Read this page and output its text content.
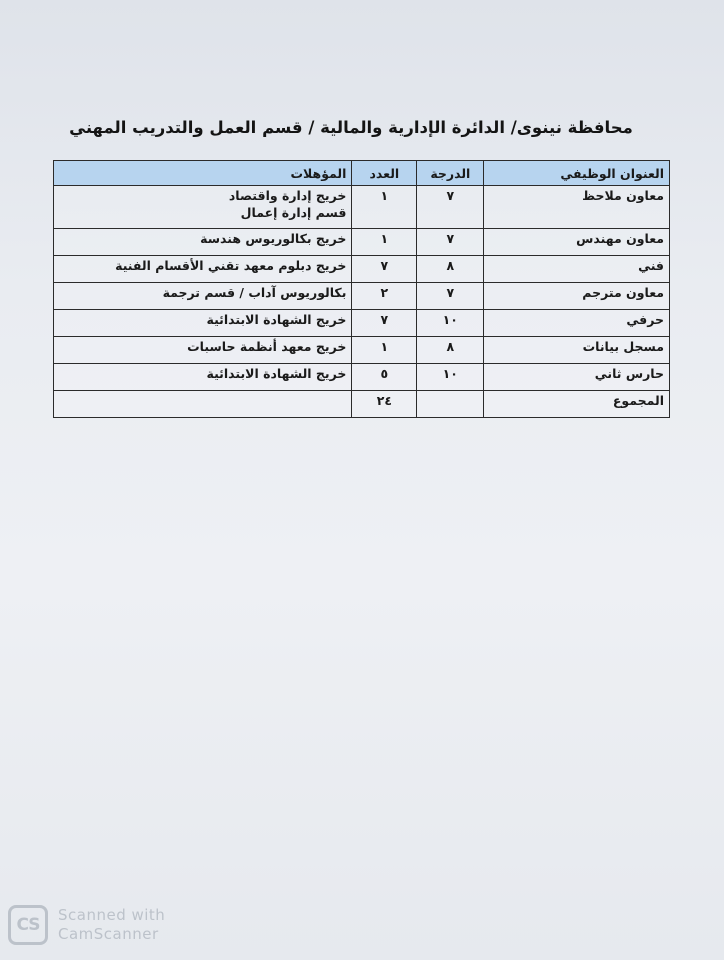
محافظة نينوى/ الدائرة الإدارية والمالية / قسم العمل والتدريب المهني
العنوان الوظيفي	الدرجة	العدد	المؤهلات
معاون ملاحظ	٧	١	خريج إدارة واقتصاد
قسم إدارة إعمال

معاون مهندس	٧	١	خريج بكالوريوس هندسة
فني	٨	٧	خريج دبلوم معهد تقني الأقسام الفنية
معاون مترجم	٧	٢	بكالوريوس آداب / قسم ترجمة
حرفي	١٠	٧	خريج الشهادة الابتدائية
مسجل بيانات	٨	١	خريج معهد أنظمة حاسبات
حارس ثاني	١٠	٥	خريج الشهادة الابتدائية
المجموع		٢٤	
CS	Scanned with
CamScanner
